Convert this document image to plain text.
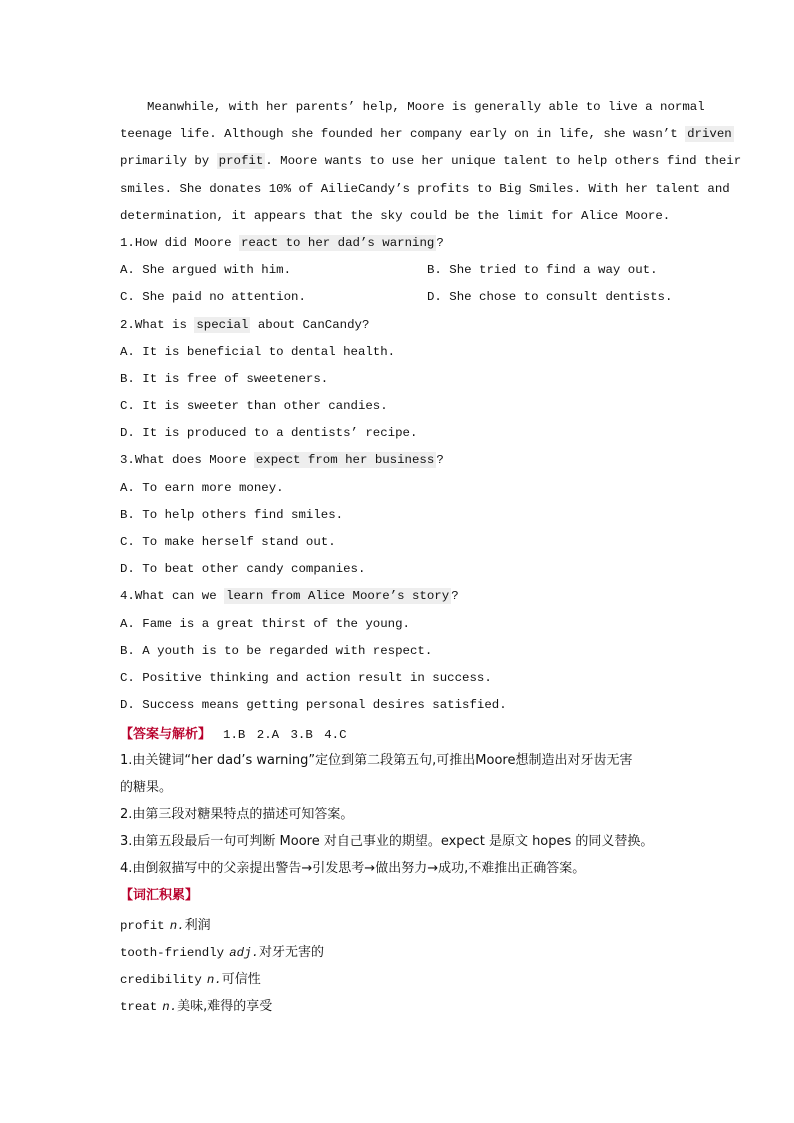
Meanwhile, with her parents’ help, Moore is generally able to live a normal
teenage life. Although she founded her company early on in life, she wasn’t driven
primarily by profit . Moore wants to use her unique talent to help others find their
smiles. She donates 10% of AilieCandy’s profits to Big Smiles. With her talent and
determination, it appears that the sky could be the limit for Alice Moore.
1.How did Moore react to her dad’s warning ?
A. She argued with him.	B. She tried to find a way out.
C. She paid no attention.	D. She chose to consult dentists.
2.What is special about CanCandy?
A. It is beneficial to dental health.
B. It is free of sweeteners.
C. It is sweeter than other candies.
D. It is produced to a dentists’ recipe.
3.What does Moore expect from her business ?
A. To earn more money.
B. To help others find smiles.
C. To make herself stand out.
D. To beat other candy companies.
4.What can we learn from Alice Moore’s story ?
A. Fame is a great thirst of the young.
B. A youth is to be regarded with respect.
C. Positive thinking and action result in success.
D. Success means getting personal desires satisfied.
【答案与解析】 1.B 2.A 3.B 4.C
1.由关键词“her dad’s warning”定位到第二段第五句,可推出Moore想制造出对牙齿无害
的糖果。
2.由第三段对糖果特点的描述可知答案。
3.由第五段最后一句可判断 Moore 对自己事业的期望。expect 是原文 hopes 的同义替换。
4.由倒叙描写中的父亲提出警告→引发思考→做出努力→成功,不难推出正确答案。
【词汇积累】
profit n.利润
tooth-friendly adj.对牙无害的
credibility n.可信性
treat n.美味,难得的享受
